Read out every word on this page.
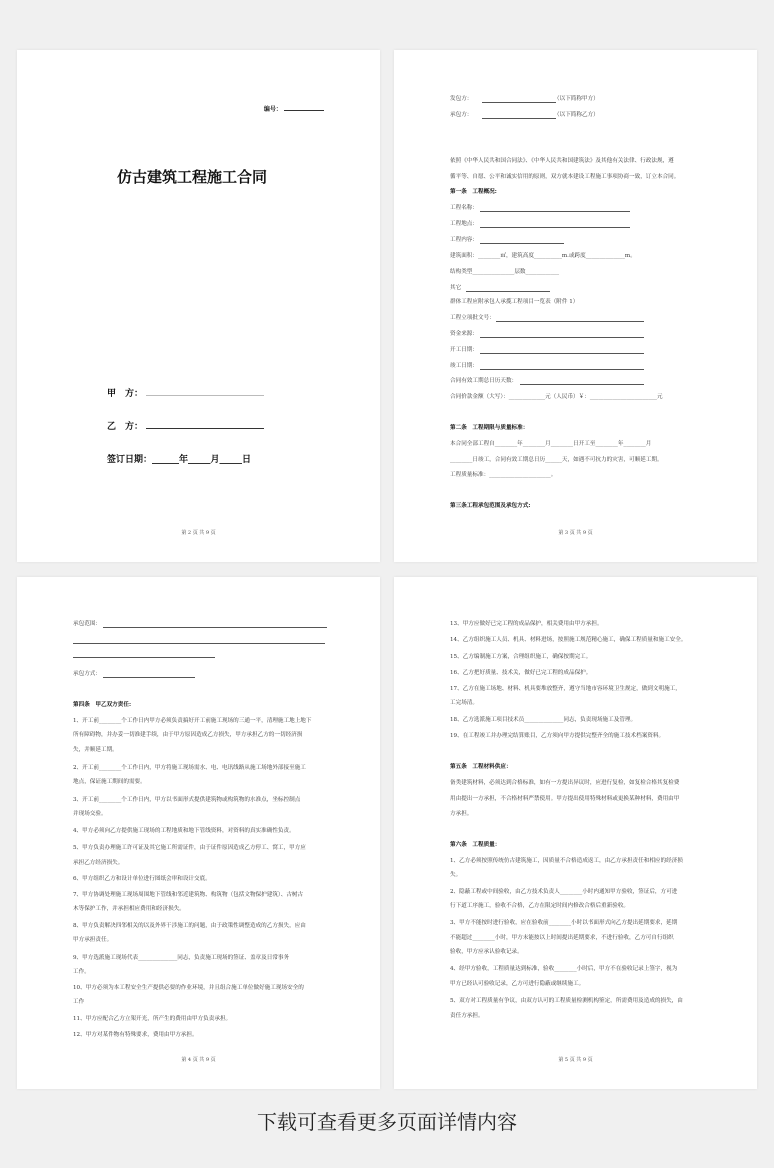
编号：
仿古建筑工程施工合同
甲　方：
乙　方：
签订日期：______年_____月_____日
第 2 页 共 9 页	第 3 页 共 9 页
发包方：	（以下简称甲方）
承包方：	（以下简称乙方）
依照《中华人民共和国合同法》、《中华人民共和国建筑法》及其他有关法律、行政法规，遵
循平等、自愿、公平和诚实信用的原则，双方就本建设工程施工事项协商一致，订立本合同。
第一条　工程概况:
工程名称：
工程地点：
工程内容：
建筑面积：________㎡，建筑高度__________m.或跨度______________m。
结构类型_______________层数____________
其它
群体工程应附承包人承揽工程项目一览表（附件 1）
工程立项批文号：
资金来源：
开工日期：
竣工日期：
合同有效工期总日历天数：
合同价款金额（大写）：_____________元（人民币）￥：________________________元
第二条　工程期限与质量标准：
本合同全部工程自________年________月________日开工至________年________月
________日竣工，合同有效工期总日历______天，如遇不可抗力的灾害，可顺延工期。
工程质量标准：______________________。
第三条工程承包范围及承包方式:
第 4 页 共 9 页
承包范围：
承包方式：
第四条　甲乙双方责任:
1、开工前________个工作日内甲方必须负责搞好开工前施工现场的三通一平，清理施工地上地下
所有障碍物，并办妥一切准建手续，由于甲方原因造成乙方损失，甲方承担乙方的一切经济损
失，并顺延工期。
2、开工前________个工作日内，甲方将施工现场需水、电、电讯线路从施工场地外部接至施工
地点，保证施工期间的需要。
3、开工前________个工作日内，甲方以书面形式提供建筑物或构筑物的水准点，坐标控制点
并现场交验。
4、甲方必须向乙方提供施工现场的工程地质和地下管线资料，对资料的真实准确性负责。
5、甲方负责办理施工许可证及其它施工所需证件，由于证件原因造成乙方停工、窝工，甲方应
承担乙方经济损失。
6、甲方组织乙方和设计单位进行图纸会审和设计交底。
7、甲方协调处理施工现场周围地下管线和邻近建筑物、构筑物（包括文物保护建筑）、古树古
木等保护工作，并承担相应费用和经济损失。
8、甲方负责解决四邻相关的以及外界干涉施工的问题，由于政策性调整造成的乙方损失，应由
甲方承担责任。
9、甲方选派施工现场代表______________同志，负责施工现场的签证、盖章及日常事务
工作。
10、甲方必须为本工程安全生产提供必要的作业环境，并且组合施工单位做好施工现场安全的
工作
11、甲方应配合乙方立架开光，所产生的费用由甲方负责承担。
12、甲方对某件物有特殊要求，费用由甲方承担。
第 5 页 共 9 页
13、甲方应做好已完工程的成品保护，相关费用由甲方承担。
14、乙方组织施工人员、机具、材料进场，按照施工规范精心施工，确保工程质量和施工安全。
15、乙方编制施工方案，合理组织施工，确保按期完工。
16、乙方把好质量、技术关，做好已完工程的成品保护。
17、乙方在施工场地、材料、机具要堆放整齐，遵守当地市容环境卫生规定，做到文明施工，
工完场清。
18、乙方选派施工项目技术员______________同志，负责现场施工及管理。
19、在工程竣工并办理完结算账目，乙方须向甲方提供完整齐全的施工技术档案资料。
第五条　工程材料供应：
备类建筑材料，必须达到合格标准，如有一方提出异议时，应进行复检，如复检合格其复检费
用由提出一方承担，不合格材料严禁使用。甲方提出使用特殊材料或更换某种材料，费用由甲
方承担。
第六条　工程质量：
1、乙方必须按照传统仿古建筑施工，因质量不合格造成返工，由乙方承担责任和相应的经济损
失。
2、隐蔽工程或中间验收，由乙方技术负责人________小时内通知甲方验收，签证后，方可进
行下道工序施工，验收不合格，乙方在限定时间内修改合格后重新验收。
3、甲方不能按时进行验收，应在验收前________小时以书面形式向乙方提出延期要求，延期
不能超过________小时，甲方未能按以上时间提出延期要求，不进行验收，乙方可自行组织
验收，甲方应承认验收记录。
4、经甲方验收，工程质量达到标准，验收________小时后，甲方不在验收记录上签字，视为
甲方已经认可验收记录，乙方可进行隐蔽或继续施工。
5、双方对工程质量有争议，由双方认可的工程质量检测机构鉴定，所需费用及造成的损失，由
责任方承担。
下载可查看更多页面详情内容
